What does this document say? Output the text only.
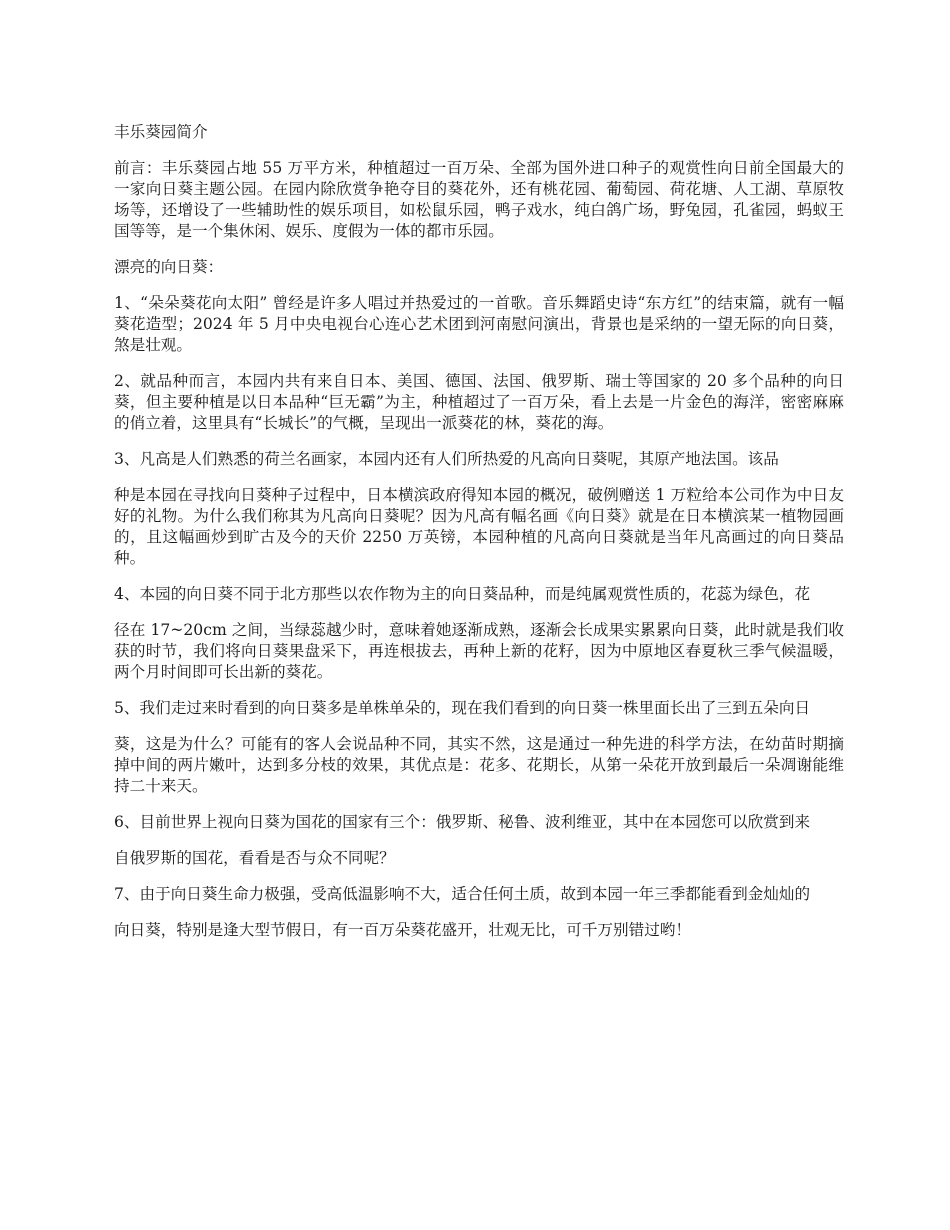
丰乐葵园简介

前言：丰乐葵园占地 55 万平方米，种植超过一百万朵、全部为国外进口种子的观赏性向日前全国最大的一家向日葵主题公园。在园内除欣赏争艳夺目的葵花外，还有桃花园、葡萄园、荷花塘、人工湖、草原牧场等，还增设了一些辅助性的娱乐项目，如松鼠乐园，鸭子戏水，纯白鸽广场，野兔园，孔雀园，蚂蚁王国等等，是一个集休闲、娱乐、度假为一体的都市乐园。

漂亮的向日葵：

1、“朵朵葵花向太阳” 曾经是许多人唱过并热爱过的一首歌。音乐舞蹈史诗“东方红”的结束篇，就有一幅葵花造型；2024 年 5 月中央电视台心连心艺术团到河南慰问演出，背景也是采纳的一望无际的向日葵，煞是壮观。

2、就品种而言，本园内共有来自日本、美国、德国、法国、俄罗斯、瑞士等国家的 20 多个品种的向日葵，但主要种植是以日本品种“巨无霸”为主，种植超过了一百万朵，看上去是一片金色的海洋，密密麻麻的俏立着，这里具有“长城长”的气概，呈现出一派葵花的林，葵花的海。

3、凡高是人们熟悉的荷兰名画家，本园内还有人们所热爱的凡高向日葵呢，其原产地法国。该品

种是本园在寻找向日葵种子过程中，日本横滨政府得知本园的概况，破例赠送 1 万粒给本公司作为中日友好的礼物。为什么我们称其为凡高向日葵呢？因为凡高有幅名画《向日葵》就是在日本横滨某一植物园画的，且这幅画炒到旷古及今的天价 2250 万英镑，本园种植的凡高向日葵就是当年凡高画过的向日葵品种。

4、本园的向日葵不同于北方那些以农作物为主的向日葵品种，而是纯属观赏性质的，花蕊为绿色，花

径在 17~20cm 之间，当绿蕊越少时，意味着她逐渐成熟，逐渐会长成果实累累向日葵，此时就是我们收获的时节，我们将向日葵果盘采下，再连根拔去，再种上新的花籽，因为中原地区春夏秋三季气候温暖，两个月时间即可长出新的葵花。

5、我们走过来时看到的向日葵多是单株单朵的，现在我们看到的向日葵一株里面长出了三到五朵向日

葵，这是为什么？可能有的客人会说品种不同，其实不然，这是通过一种先进的科学方法，在幼苗时期摘掉中间的两片嫩叶，达到多分枝的效果，其优点是：花多、花期长，从第一朵花开放到最后一朵凋谢能维持二十来天。

6、目前世界上视向日葵为国花的国家有三个：俄罗斯、秘鲁、波利维亚，其中在本园您可以欣赏到来

自俄罗斯的国花，看看是否与众不同呢？

7、由于向日葵生命力极强，受高低温影响不大，适合任何土质，故到本园一年三季都能看到金灿灿的

向日葵，特别是逢大型节假日，有一百万朵葵花盛开，壮观无比，可千万别错过哟！
